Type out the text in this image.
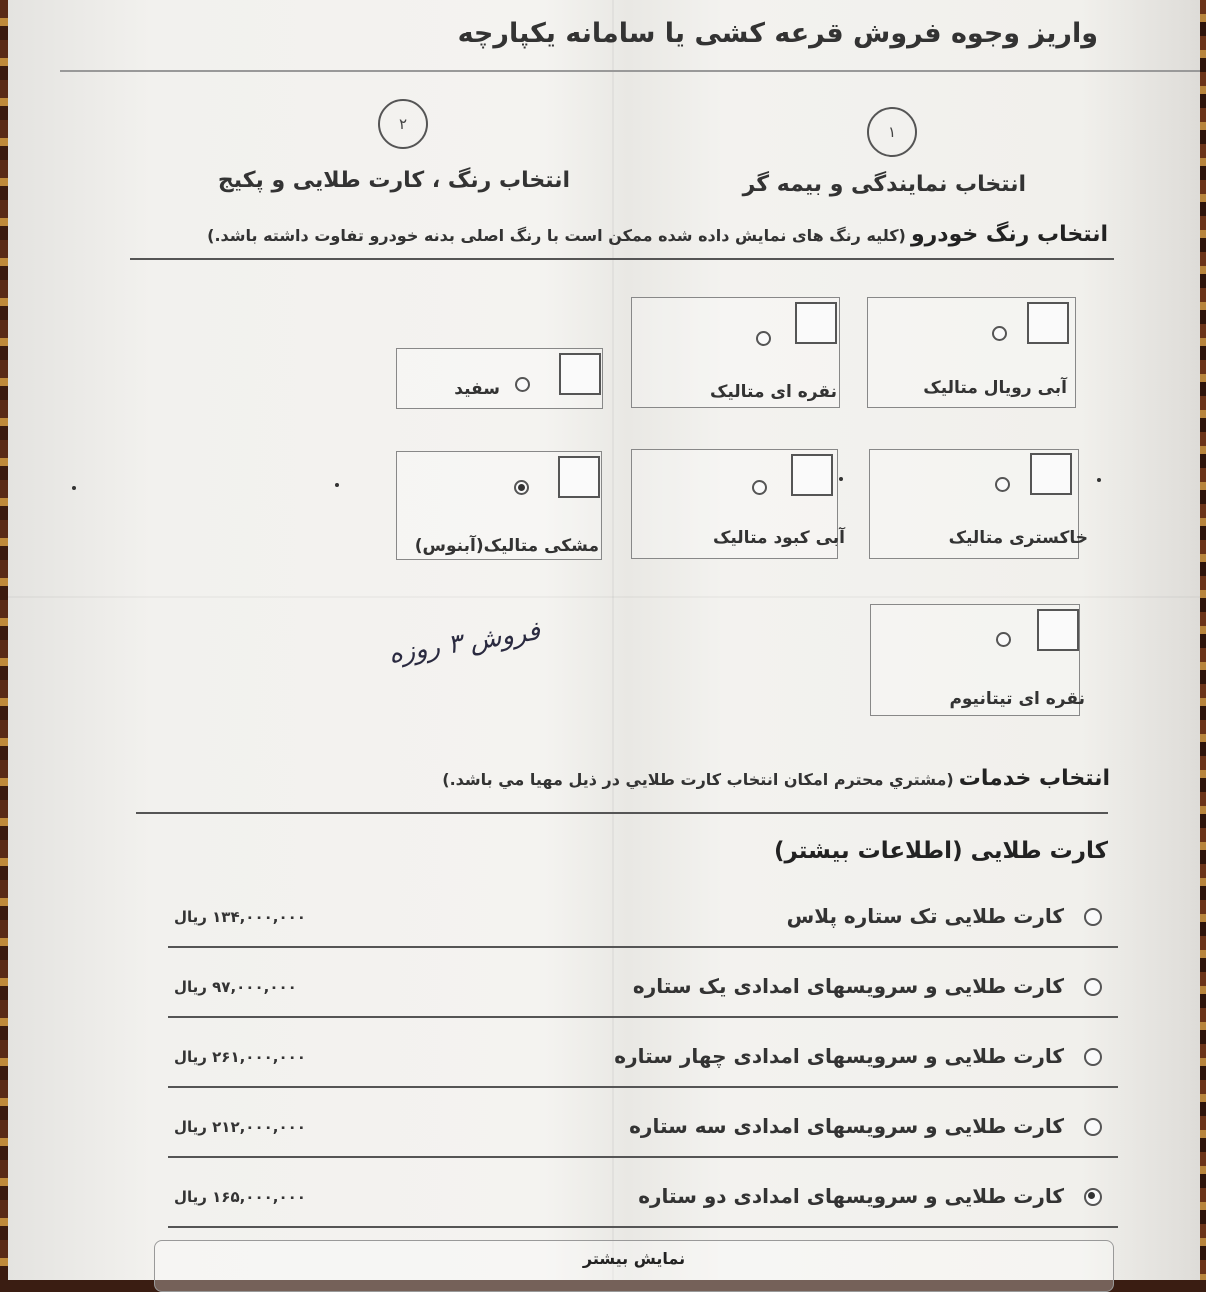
واریز وجوه فروش قرعه کشی یا سامانه یکپارچه
۱
انتخاب نمایندگی و بیمه گر
۲
انتخاب رنگ ، کارت طلایی و پکیج
انتخاب رنگ خودرو (کلیه رنگ های نمایش داده شده ممکن است با رنگ اصلی بدنه خودرو تفاوت داشته باشد.)
آبی رویال متالیک
نقره ای متالیک
سفید
خاکستری متالیک
آبی کبود متالیک
مشکی متالیک(آبنوس)
نقره ای تیتانیوم
فروش ۳ روزه
انتخاب خدمات (مشتري محترم امكان انتخاب كارت طلايي در ذيل مهيا مي باشد.)
کارت طلایی (اطلاعات بیشتر)
کارت طلایی تک ستاره پلاس
۱۳۴,۰۰۰,۰۰۰ ریال
کارت طلایی و سرویسهای امدادی یک ستاره
۹۷,۰۰۰,۰۰۰ ریال
کارت طلایی و سرویسهای امدادی چهار ستاره
۲۶۱,۰۰۰,۰۰۰ ریال
کارت طلایی و سرویسهای امدادی سه ستاره
۲۱۲,۰۰۰,۰۰۰ ریال
کارت طلایی و سرویسهای امدادی دو ستاره
۱۶۵,۰۰۰,۰۰۰ ریال
نمایش بیشتر
